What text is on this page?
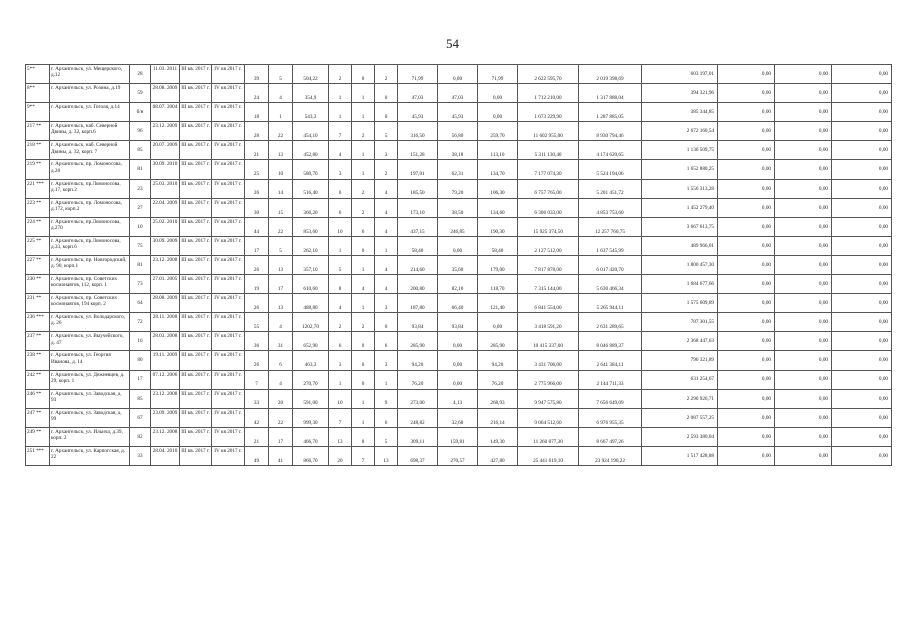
54
5**	г. Архангельск, ул. Мещерского, д.12	28	11.03. 2011	III кв. 2017 г.	IV кв 2017 г.	39	5	504,22	2	0	2	71,99	0,00	71,99	2 622 595,70	2 019 398,69	603 197,01	0,00	0,00	0,00
8**	г. Архангельск, ул. Розина, д.19	59	28.08. 2009	III кв. 2017 г.	IV кв 2017 г.	24	4	354,9	1	1	0	47,03	47,03	0,00	1 712 210,00	1 317 888,04	394 321,96	0,00	0,00	0,00
9**	г. Архангельск, ул. Гоголя, д.14	б/н	08.07. 2004	III кв. 2017 г.	IV кв 2017 г.	18	1	543,3	1	1	0	45,93	45,93	0,00	1 673 229,90	1 287 885,05	385 344,85	0,00	0,00	0,00
217 **	г. Архангельск, наб. Северной Двины, д. 32, корп.6	96	23.12. 2009	III кв. 2017 г.	IV кв 2017 г.	28	22	454,10	7	2	5	316,50	56,80	259,70	11 602 955,00	8 930 794,46	2 672 160,54	0,00	0,00	0,00
218 **	г. Архангельск, наб. Северной Двины, д. 32, корп. 7	85	20.07. 2009	III кв. 2017 г.	IV кв 2017 г.	21	13	452,80	4	1	3	151,28	38,18	113,10	5 311 130,40	4 174 620,65	1 136 509,75	0,00	0,00	0,00
219 **	г. Архангельск, пр. Ломоносова, д.28	81	30.09. 2010	III кв. 2017 г.	IV кв 2017 г.	25	10	580,70	3	1	2	197,01	62,31	134,70	7 177 074,30	5 524 194,06	1 652 880,25	0,00	0,00	0,00
221 ***	г. Архангельск, пр.Ломоносова, д.17, корп.2	23	25.03. 2010	III кв. 2017 г.	IV кв 2017 г.	26	14	516,40	6	2	4	185,50	79,20	106,30	6 757 765,00	5 201 451,72	1 556 313,28	0,00	0,00	0,00
223 **	г. Архангельск, пр. Ломоносова, д.172, корп.2	27	22.04. 2009	III кв. 2017 г.	IV кв 2017 г.	30	15	366,20	6	2	4	173,10	38,50	134,60	6 306 033,00	4 853 753,60	1 452 279,40	0,00	0,00	0,00
224 **	г. Архангельск, пр.Ломоносова, д.270	10	25.02. 2010	III кв. 2017 г.	IV кв 2017 г.	44	22	853,60	10	6	4	437,15	246,85	190,30	15 925 374,50	12 257 760,75	3 667 613,75	0,00	0,00	0,00
225 **	г. Архангельск, пр.Ломоносова, д.33, корп.6	75	30.09. 2009	III кв. 2017 г.	IV кв 2017 г.	17	5	262,10	1	0	1	58,40	0,00	58,40	2 127 512,00	1 637 545,99	489 966,01	0,00	0,00	0,00
227 **	г. Архангельск, пр. Новгородский, д. 90, корп.1	81	23.12. 2008	III кв. 2017 г.	IV кв 2017 г.	26	13	357,10	5	1	4	214,60	35,60	179,00	7 817 878,00	6 017 420,70	1 800 457,30	0,00	0,00	0,00
230 **	г. Архангельск, пр. Советских космонавтов, 112, корп. 1	73	27.01. 2005	III кв. 2017 г.	IV кв 2017 г.	19	17	610,60	8	4	4	200,80	82,10	118,70	7 315 144,00	5 630 466,34	1 684 677,66	0,00	0,00	0,00
231 **	г. Архангельск, пр. Советских космонавтов, 194 корп. 2	64	28.08. 2009	III кв. 2017 г.	IV кв 2017 г.	26	13	488,80	4	1	3	187,80	66,40	121,40	6 841 554,00	5 265 944,11	1 575 609,89	0,00	0,00	0,00
236 ***	г. Архангельск, ул. Володарского, д. 26	72	28.11. 2008	III кв. 2017 г.	IV кв 2017 г.	55	4	1202,70	2	2	0	93,84	93,84	0,00	3 418 591,20	2 631 289,65	787 301,55	0,00	0,00	0,00
237 **	г. Архангельск, ул. Выучейского, д. 47	16	28.03. 2008	III кв. 2017 г.	IV кв 2017 г.	36	31	652,90	6	0	6	285,90	0,00	285,90	10 415 337,00	8 046 889,37	2 368 447,63	0,00	0,00	0,00
238 **	г. Архангельск, ул. Георгия Иванова, д. 14	80	19.11. 2009	III кв. 2017 г.	IV кв 2017 г.	26	6	463,3	3	0	3	94,20	0,00	94,20	3 431 706,00	2 641 384,11	790 321,89	0,00	0,00	0,00
242 **	г. Архангельск, ул. Дежневцев, д. 29, корп. 1	17	07.12. 2006	III кв. 2017 г.	IV кв 2017 г.	7	4	270,70	1	0	1	76,20	0,00	76,20	2 775 966,00	2 144 711,33	631 254,67	0,00	0,00	0,00
246 **	г. Архангельск, ул. Заводская, д. 93	85	23.12. 2008	III кв. 2017 г.	IV кв 2017 г.	33	20	591,00	10	1	9	273,00	4,13	268,93	9 947 575,80	7 656 649,09	2 290 926,71	0,00	0,00	0,00
247 **	г. Архангельск, ул. Заводская, д. 99	67	23.09. 2009	III кв. 2017 г.	IV кв 2017 г.	42	22	999,30	7	1	6	248,82	32,68	216,14	9 064 512,60	6 976 955,35	2 087 557,25	0,00	0,00	0,00
249 **	г. Архангельск, ул. Ильича, д.39, корп. 2	82	23.12. 2008	III кв. 2017 г.	IV кв 2017 г.	21	17	466,70	13	8	5	309,11	159,81	149,30	11 260 877,30	8 667 497,26	2 593 380,04	0,00	0,00	0,00
251 ***	г. Архангельск, ул. Карпогская, д. 22	33	28.04. 2010	III кв. 2017 г.	IV кв 2017 г.	49	41	866,70	20	7	13	698,37	270,57	427,80	25 441 619,10	23 924 190,22	1 517 428,88	0,00	0,00	0,00
